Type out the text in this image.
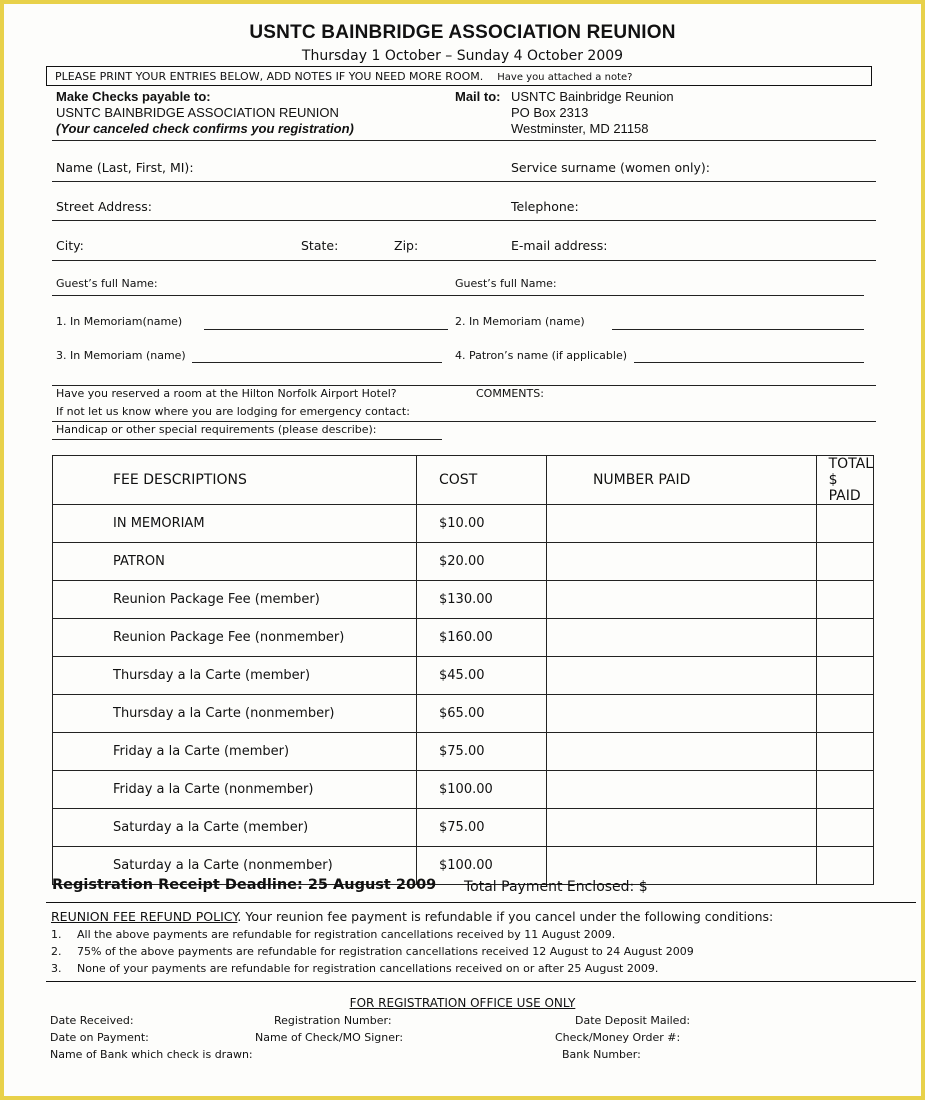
USNTC BAINBRIDGE ASSOCIATION REUNION
Thursday 1 October – Sunday 4 October 2009
PLEASE PRINT YOUR ENTRIES BELOW, ADD NOTES IF YOU NEED MORE ROOM. Have you attached a note?
Make Checks payable to:
USNTC BAINBRIDGE ASSOCIATION REUNION
(Your canceled check confirms you registration)
Mail to: USNTC Bainbridge Reunion
PO Box 2313
Westminster, MD 21158
Name (Last, First, MI):	Service surname (women only):
Street Address:	Telephone:
City:	State:	Zip:	E-mail address:
Guest’s full Name:	Guest’s full Name:
1. In Memoriam(name)	2. In Memoriam (name)
3. In Memoriam (name)	4. Patron’s name (if applicable)
Have you reserved a room at the Hilton Norfolk Airport Hotel?	COMMENTS:
If not let us know where you are lodging for emergency contact:
Handicap or other special requirements (please describe):
FEE DESCRIPTIONS	COST	NUMBER PAID	TOTAL $ PAID
IN MEMORIAM	$10.00		
PATRON	$20.00		
Reunion Package Fee (member)	$130.00		
Reunion Package Fee (nonmember)	$160.00		
Thursday a la Carte (member)	$45.00		
Thursday a la Carte (nonmember)	$65.00		
Friday a la Carte (member)	$75.00		
Friday a la Carte (nonmember)	$100.00		
Saturday a la Carte (member)	$75.00		
Saturday a la Carte (nonmember)	$100.00		
Registration Receipt Deadline: 25 August 2009 Total Payment Enclosed: $
REUNION FEE REFUND POLICY. Your reunion fee payment is refundable if you cancel under the following conditions:
1. All the above payments are refundable for registration cancellations received by 11 August 2009.
2. 75% of the above payments are refundable for registration cancellations received 12 August to 24 August 2009
3. None of your payments are refundable for registration cancellations received on or after 25 August 2009.
FOR REGISTRATION OFFICE USE ONLY
Date Received:	Registration Number:	Date Deposit Mailed:
Date on Payment:	Name of Check/MO Signer:	Check/Money Order #:
Name of Bank which check is drawn:	Bank Number:
